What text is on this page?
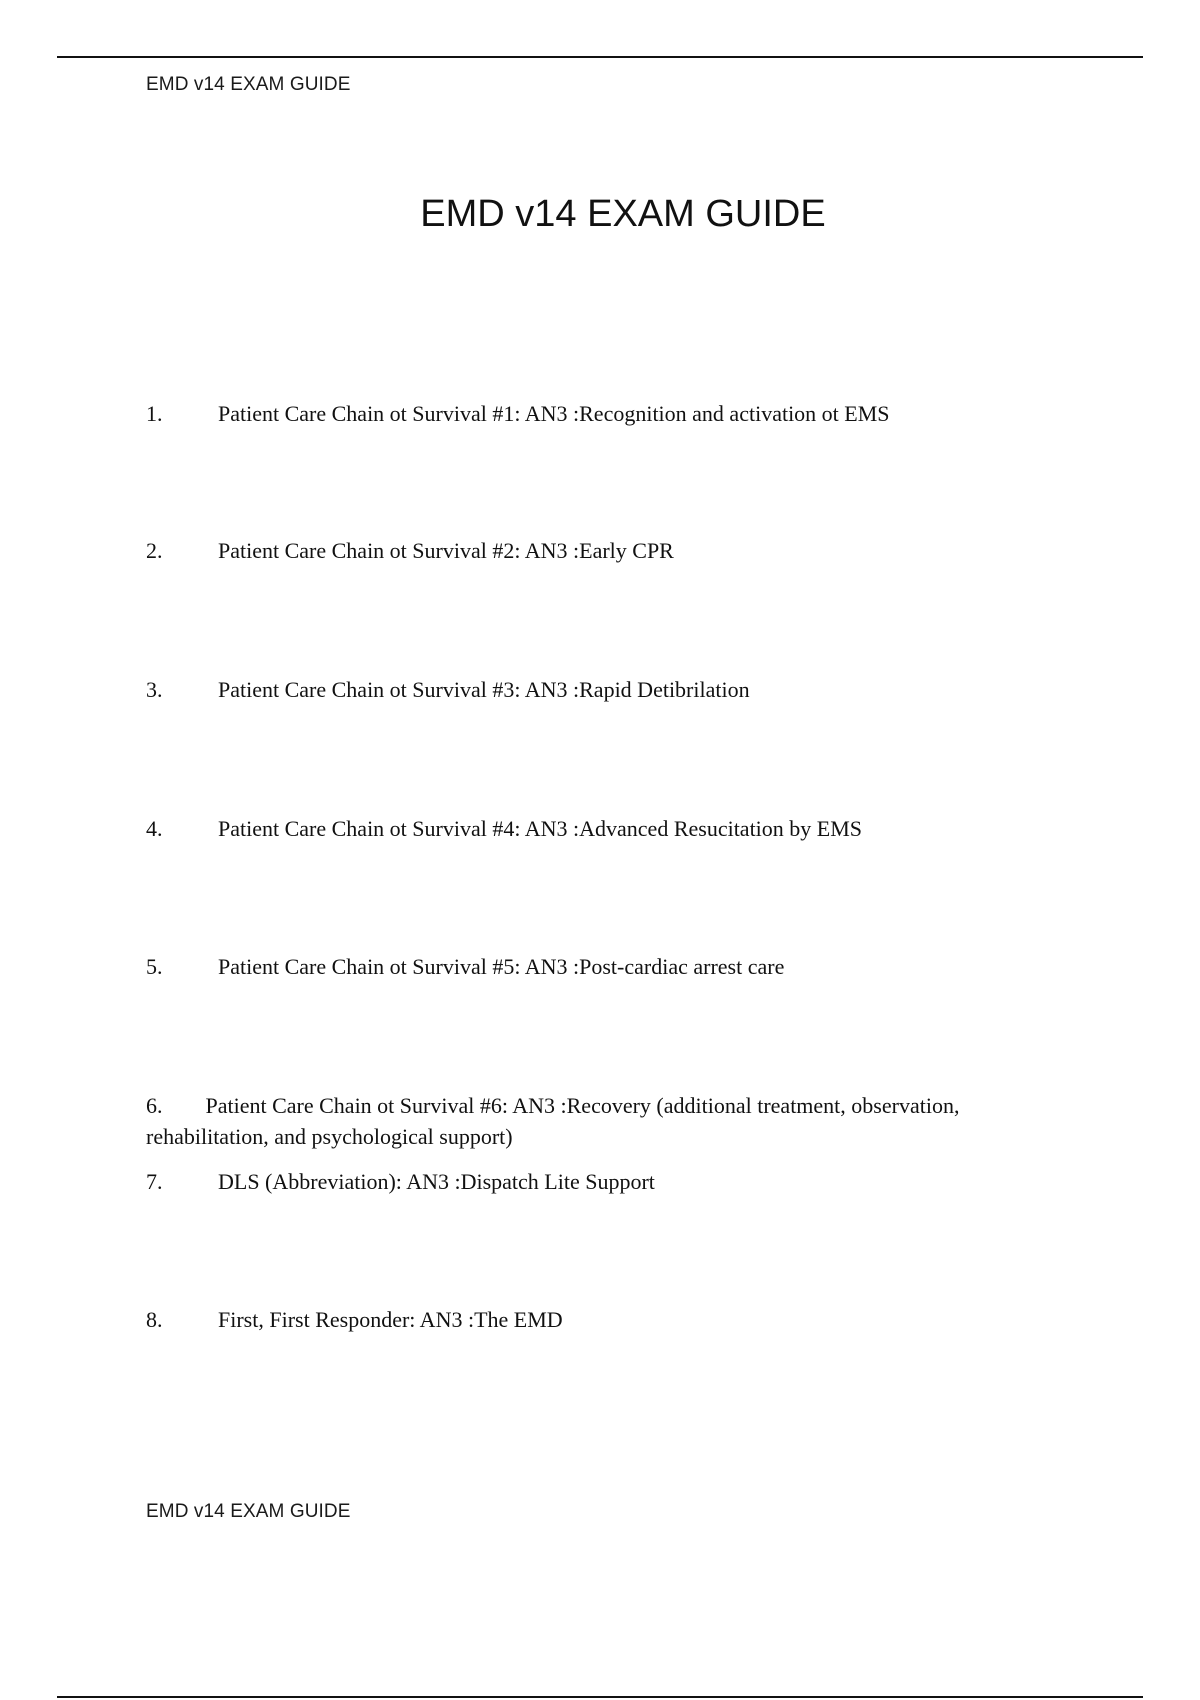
EMD v14 EXAM GUIDE
EMD v14 EXAM GUIDE
1.	Patient Care Chain ot Survival #1: AN3 :Recognition and activation ot EMS
2.	Patient Care Chain ot Survival #2: AN3 :Early CPR
3.	Patient Care Chain ot Survival #3: AN3 :Rapid Detibrilation
4.	Patient Care Chain ot Survival #4: AN3 :Advanced Resucitation by EMS
5.	Patient Care Chain ot Survival #5: AN3 :Post-cardiac arrest care
6. Patient Care Chain ot Survival #6: AN3 :Recovery (additional treatment, observation, rehabilitation, and psychological support)
7.	DLS (Abbreviation): AN3 :Dispatch Lite Support
8.	First, First Responder: AN3 :The EMD
EMD v14 EXAM GUIDE
